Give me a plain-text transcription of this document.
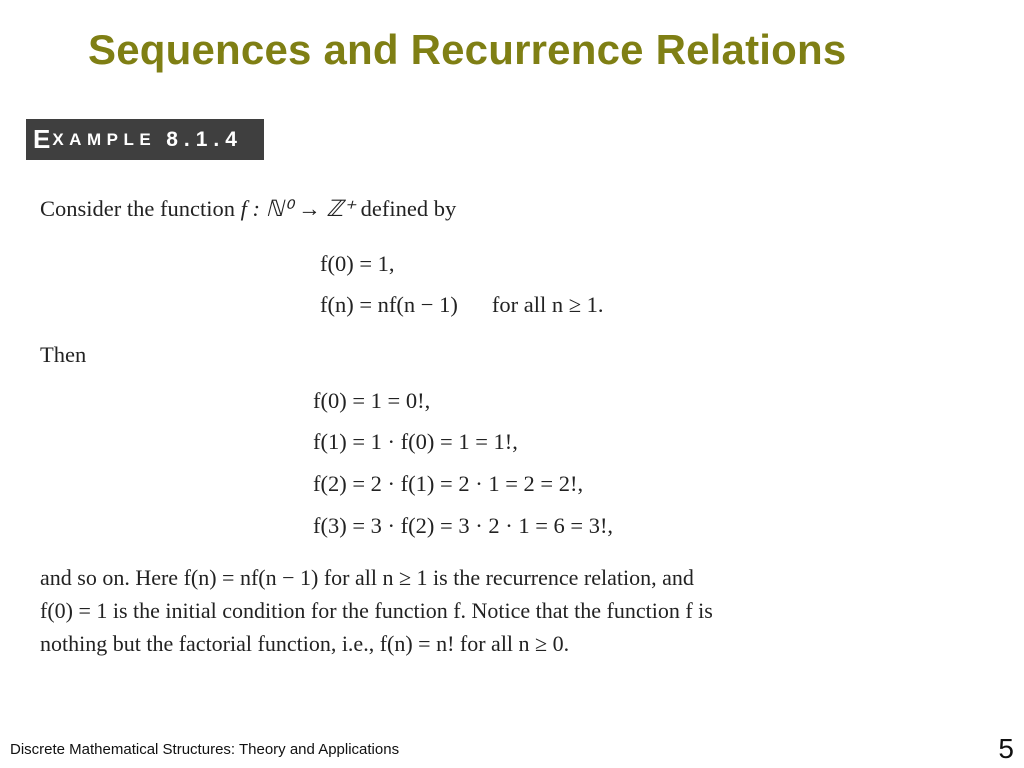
Sequences and Recurrence Relations
E XAMPLE 8.1.4
Consider the function f : ℕ⁰ → ℤ⁺ defined by
f(0) = 1,
f(n) = nf(n − 1) for all n ≥ 1.
Then
f(0) = 1 = 0!,
f(1) = 1 · f(0) = 1 = 1!,
f(2) = 2 · f(1) = 2 · 1 = 2 = 2!,
f(3) = 3 · f(2) = 3 · 2 · 1 = 6 = 3!,
and so on. Here f(n) = nf(n − 1) for all n ≥ 1 is the recurrence relation, and
f(0) = 1 is the initial condition for the function f. Notice that the function f is
nothing but the factorial function, i.e., f(n) = n! for all n ≥ 0.
Discrete Mathematical Structures: Theory and Applications	5
